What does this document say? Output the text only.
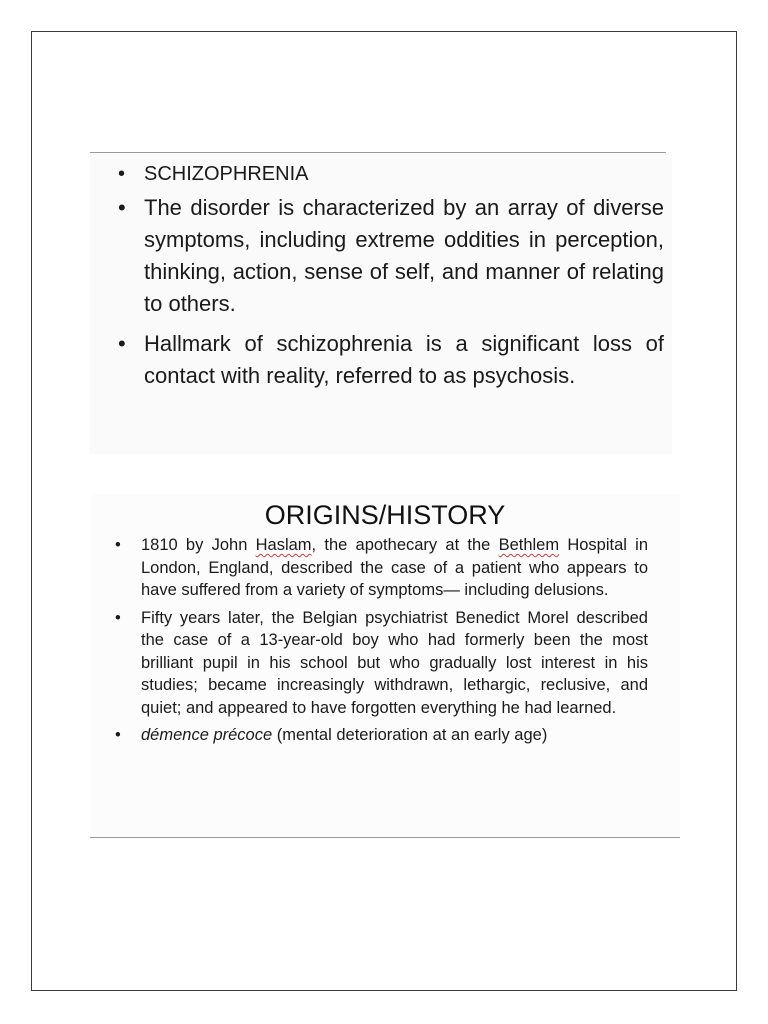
• SCHIZOPHRENIA
• The disorder is characterized by an array of diverse symptoms, including extreme oddities in perception, thinking, action, sense of self, and manner of relating to others.
• Hallmark of schizophrenia is a significant loss of contact with reality, referred to as psychosis.
ORIGINS/HISTORY
• 1810 by John Haslam, the apothecary at the Bethlem Hospital in London, England, described the case of a patient who appears to have suffered from a variety of symptoms— including delusions.
• Fifty years later, the Belgian psychiatrist Benedict Morel described the case of a 13-year-old boy who had formerly been the most brilliant pupil in his school but who gradually lost interest in his studies; became increasingly withdrawn, lethargic, reclusive, and quiet; and appeared to have forgotten everything he had learned.
• démence précoce (mental deterioration at an early age)
